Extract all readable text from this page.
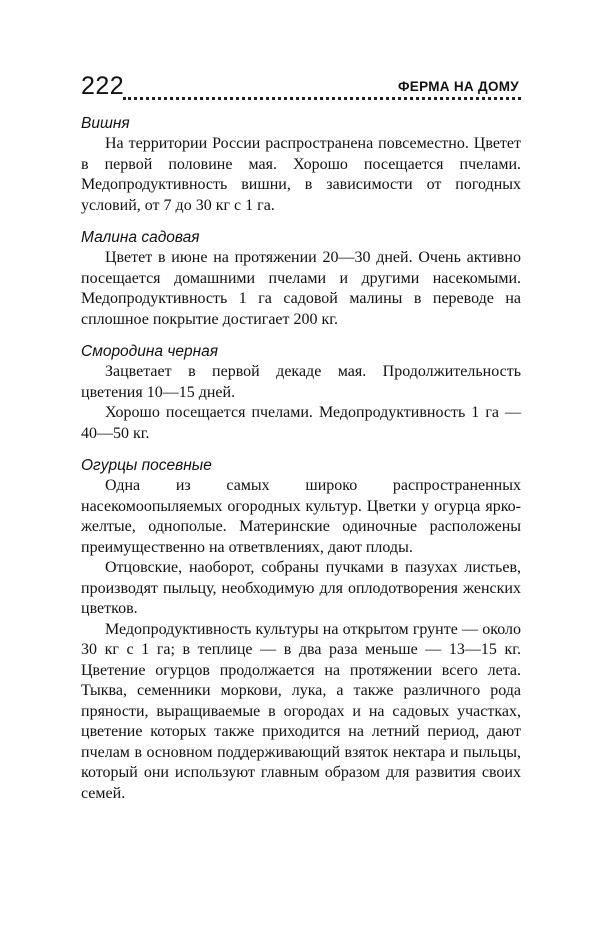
222	ФЕРМА НА ДОМУ
Вишня

На территории России распространена повсеместно. Цветет в первой половине мая. Хорошо посещается пчелами. Медопродуктивность вишни, в зависимости от погодных условий, от 7 до 30 кг с 1 га.

Малина садовая

Цветет в июне на протяжении 20—30 дней. Очень активно посещается домашними пчелами и другими насекомыми. Медопродуктивность 1 га садовой малины в переводе на сплошное покрытие достигает 200 кг.

Смородина черная

Зацветает в первой декаде мая. Продолжительность цветения 10—15 дней.

Хорошо посещается пчелами. Медопродуктивность 1 га — 40—50 кг.

Огурцы посевные

Одна из самых широко распространенных насекомоопыляемых огородных культур. Цветки у огурца ярко-желтые, однополые. Материнские одиночные расположены преимущественно на ответвлениях, дают плоды.

Отцовские, наоборот, собраны пучками в пазухах листьев, производят пыльцу, необходимую для оплодотворения женских цветков.

Медопродуктивность культуры на открытом грунте — около 30 кг с 1 га; в теплице — в два раза меньше — 13—15 кг. Цветение огурцов продолжается на протяжении всего лета. Тыква, семенники моркови, лука, а также различного рода пряности, выращиваемые в огородах и на садовых участках, цветение которых также приходится на летний период, дают пчелам в основном поддерживающий взяток нектара и пыльцы, который они используют главным образом для развития своих семей.
